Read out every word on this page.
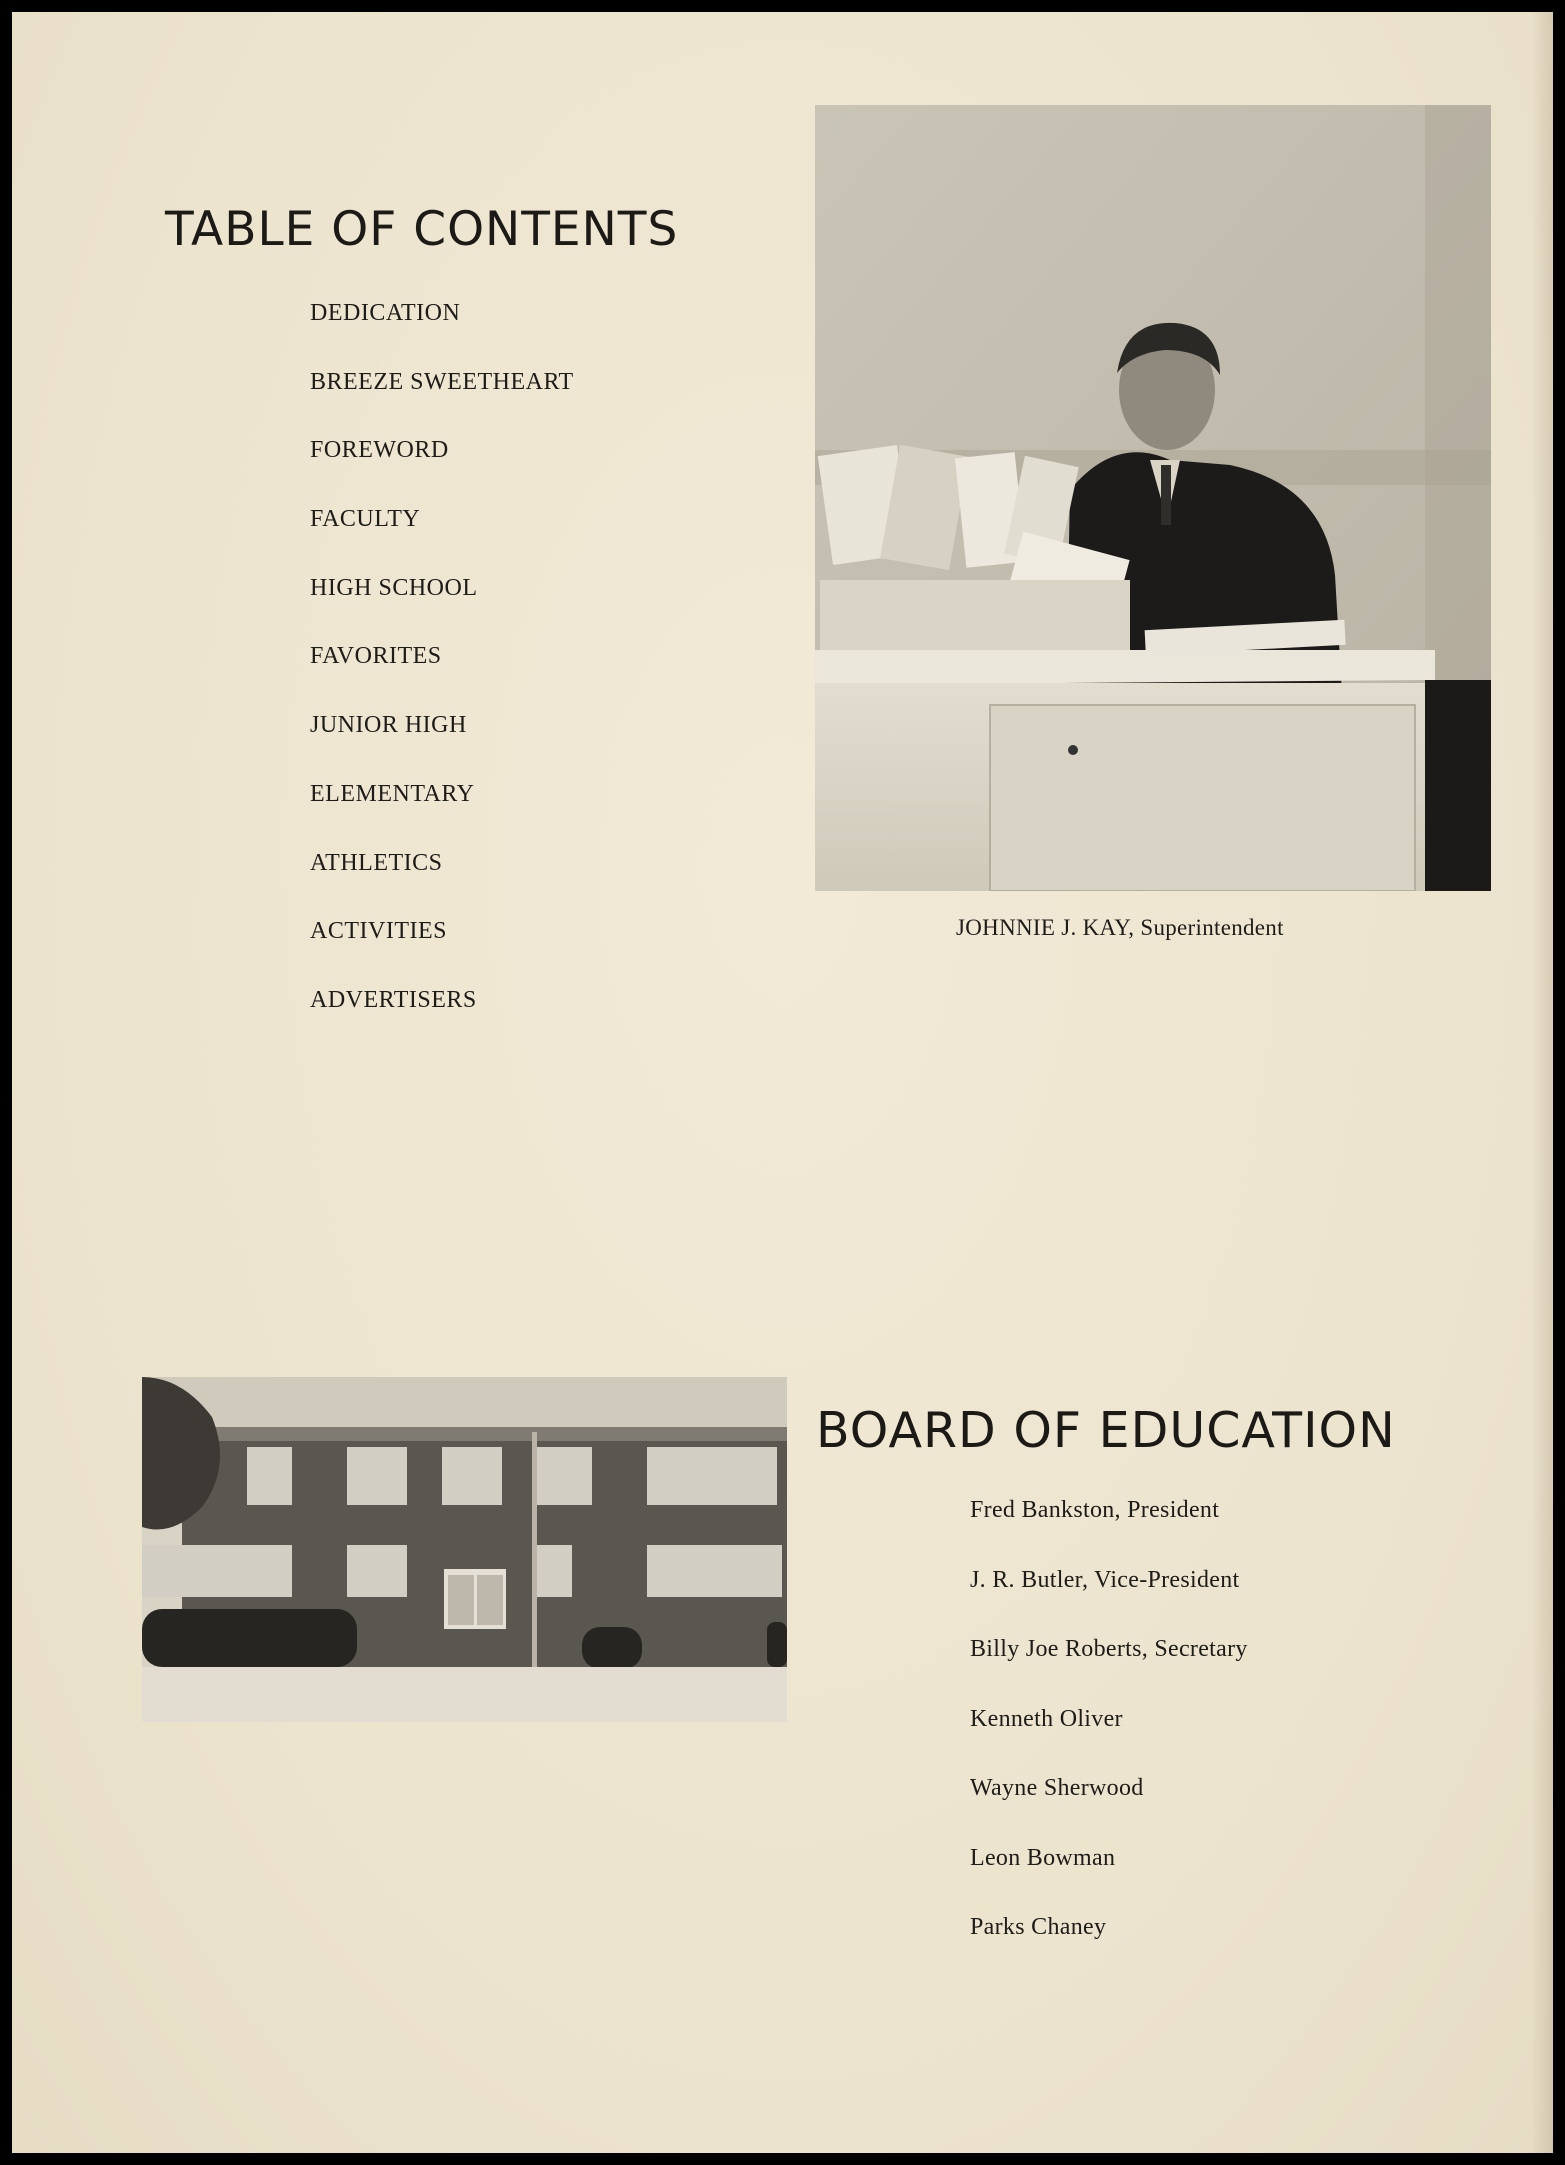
TABLE OF CONTENTS
DEDICATION
BREEZE SWEETHEART
FOREWORD
FACULTY
HIGH SCHOOL
FAVORITES
JUNIOR HIGH
ELEMENTARY
ATHLETICS
ACTIVITIES
ADVERTISERS
JOHNNIE J. KAY, Superintendent
BOARD OF EDUCATION
Fred Bankston, President
J. R. Butler, Vice-President
Billy Joe Roberts, Secretary
Kenneth Oliver
Wayne Sherwood
Leon Bowman
Parks Chaney
